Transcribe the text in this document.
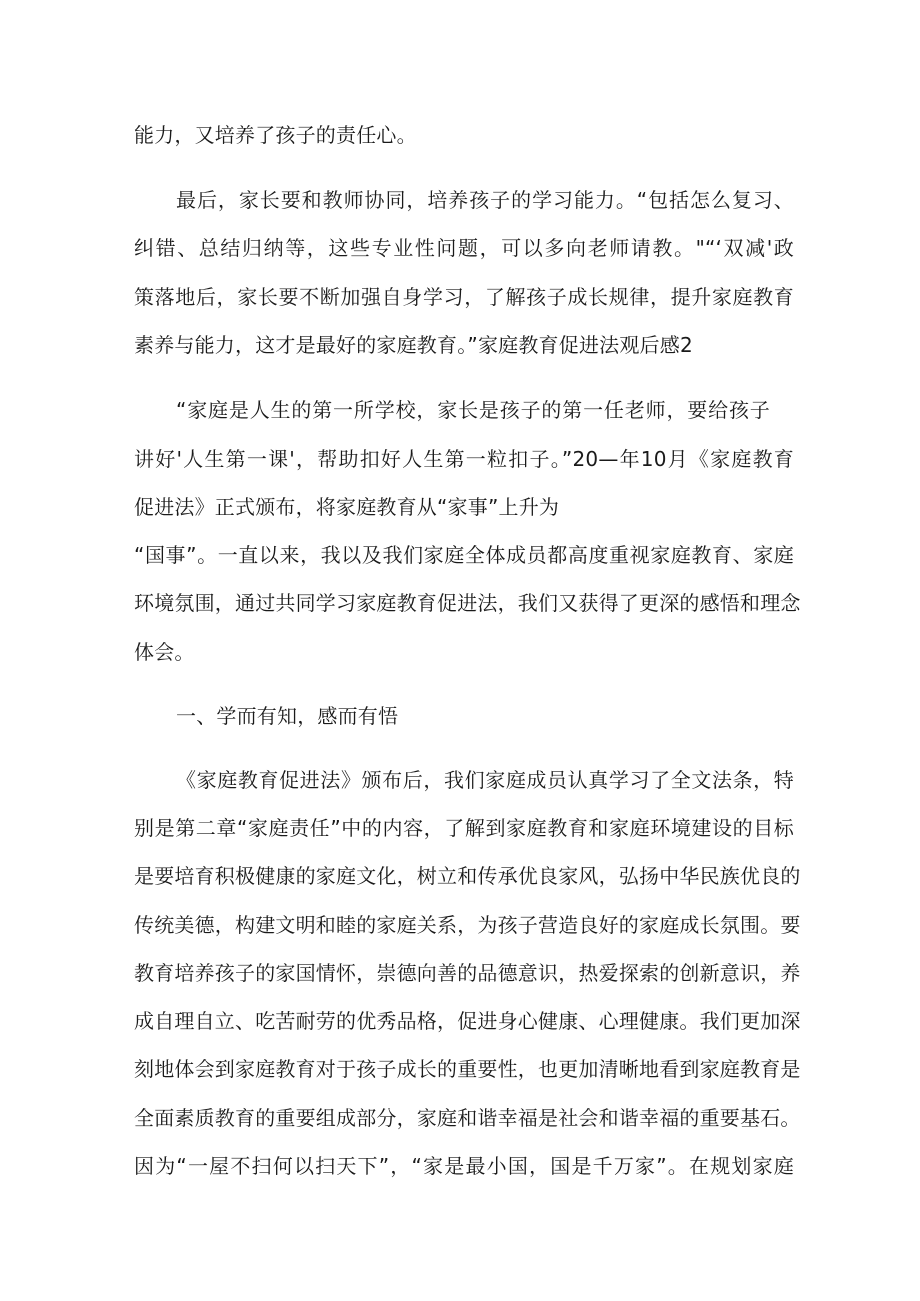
能力，又培养了孩子的责任心。
最后，家长要和教师协同，培养孩子的学习能力。“包括怎么复习、
纠错、总结归纳等，这些专业性问题，可以多向老师请教。"“‘双减'政
策落地后，家长要不断加强自身学习，了解孩子成长规律，提升家庭教育
素养与能力，这才是最好的家庭教育。”家庭教育促进法观后感2
“家庭是人生的第一所学校，家长是孩子的第一任老师，要给孩子
讲好'人生第一课'，帮助扣好人生第一粒扣子。”20—年10月《家庭教育
促进法》正式颁布，将家庭教育从“家事”上升为
“国事”。一直以来，我以及我们家庭全体成员都高度重视家庭教育、家庭
环境氛围，通过共同学习家庭教育促进法，我们又获得了更深的感悟和理念
体会。
一、学而有知，感而有悟
《家庭教育促进法》颁布后，我们家庭成员认真学习了全文法条，特
别是第二章“家庭责任”中的内容，了解到家庭教育和家庭环境建设的目标
是要培育积极健康的家庭文化，树立和传承优良家风，弘扬中华民族优良的
传统美德，构建文明和睦的家庭关系，为孩子营造良好的家庭成长氛围。要
教育培养孩子的家国情怀，崇德向善的品德意识，热爱探索的创新意识，养
成自理自立、吃苦耐劳的优秀品格，促进身心健康、心理健康。我们更加深
刻地体会到家庭教育对于孩子成长的重要性，也更加清晰地看到家庭教育是
全面素质教育的重要组成部分，家庭和谐幸福是社会和谐幸福的重要基石。
因为“一屋不扫何以扫天下”，“家是最小国，国是千万家”。在规划家庭
